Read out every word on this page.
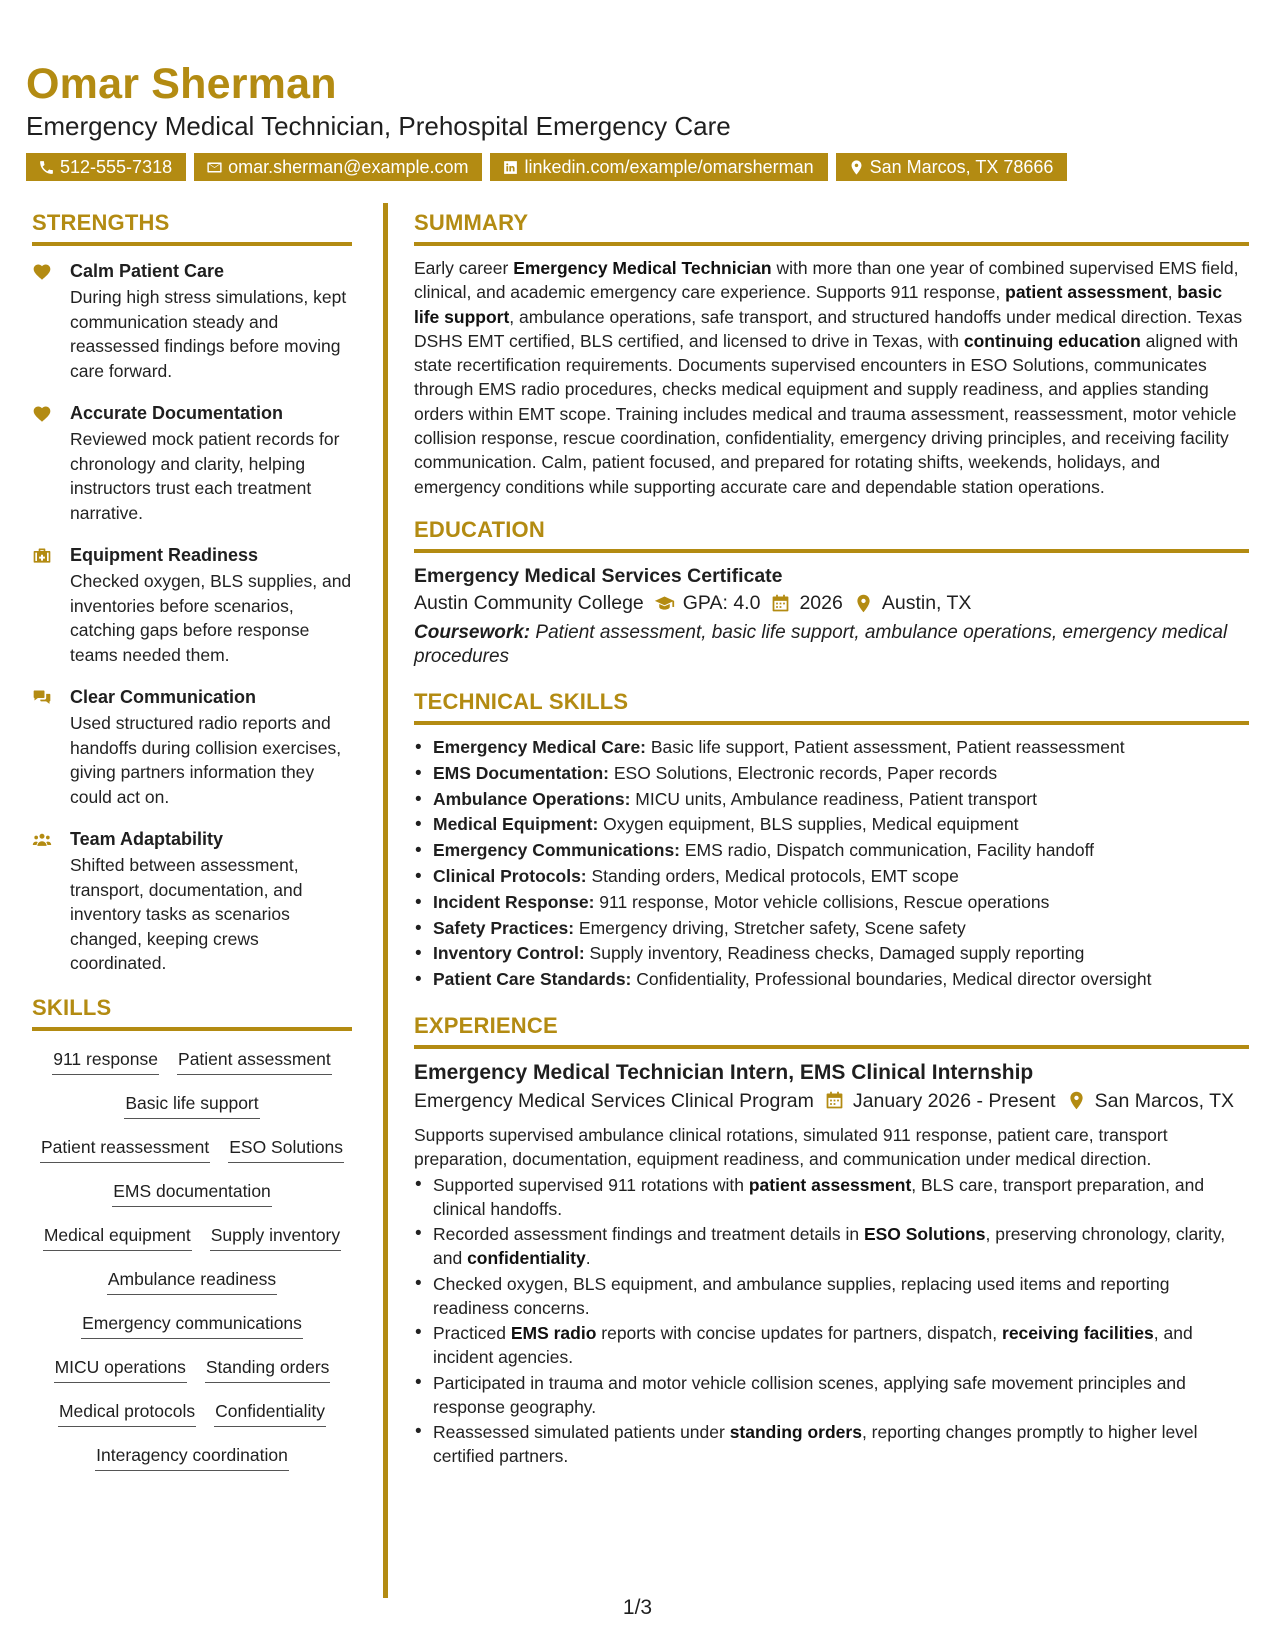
Omar Sherman

Emergency Medical Technician, Prehospital Emergency Care

512-555-7318	omar.sherman@example.com	linkedin.com/example/omarsherman	San Marcos, TX 78666
STRENGTHS

Calm Patient Care

During high stress simulations, kept communication steady and reassessed findings before moving care forward.

Accurate Documentation

Reviewed mock patient records for chronology and clarity, helping instructors trust each treatment narrative.

Equipment Readiness

Checked oxygen, BLS supplies, and inventories before scenarios, catching gaps before response teams needed them.

Clear Communication

Used structured radio reports and handoffs during collision exercises, giving partners information they could act on.

Team Adaptability

Shifted between assessment, transport, documentation, and inventory tasks as scenarios changed, keeping crews coordinated.

SKILLS
911 response Patient assessment
Basic life support
Patient reassessment ESO Solutions
EMS documentation
Medical equipment Supply inventory
Ambulance readiness
Emergency communications
MICU operations Standing orders
Medical protocols Confidentiality
Interagency coordination
SUMMARY

Early career Emergency Medical Technician with more than one year of combined supervised EMS field, clinical, and academic emergency care experience. Supports 911 response, patient assessment, basic life support, ambulance operations, safe transport, and structured handoffs under medical direction. Texas DSHS EMT certified, BLS certified, and licensed to drive in Texas, with continuing education aligned with state recertification requirements. Documents supervised encounters in ESO Solutions, communicates through EMS radio procedures, checks medical equipment and supply readiness, and applies standing orders within EMT scope. Training includes medical and trauma assessment, reassessment, motor vehicle collision response, rescue coordination, confidentiality, emergency driving principles, and receiving facility communication. Calm, patient focused, and prepared for rotating shifts, weekends, holidays, and emergency conditions while supporting accurate care and dependable station operations.

EDUCATION

Emergency Medical Services Certificate

Austin Community College GPA: 4.0 2026 Austin, TX

Coursework: Patient assessment, basic life support, ambulance operations, emergency medical procedures

TECHNICAL SKILLS
• Emergency Medical Care: Basic life support, Patient assessment, Patient reassessment
• EMS Documentation: ESO Solutions, Electronic records, Paper records
• Ambulance Operations: MICU units, Ambulance readiness, Patient transport
• Medical Equipment: Oxygen equipment, BLS supplies, Medical equipment
• Emergency Communications: EMS radio, Dispatch communication, Facility handoff
• Clinical Protocols: Standing orders, Medical protocols, EMT scope
• Incident Response: 911 response, Motor vehicle collisions, Rescue operations
• Safety Practices: Emergency driving, Stretcher safety, Scene safety
• Inventory Control: Supply inventory, Readiness checks, Damaged supply reporting
• Patient Care Standards: Confidentiality, Professional boundaries, Medical director oversight
EXPERIENCE

Emergency Medical Technician Intern, EMS Clinical Internship

Emergency Medical Services Clinical Program January 2026 - Present San Marcos, TX

Supports supervised ambulance clinical rotations, simulated 911 response, patient care, transport preparation, documentation, equipment readiness, and communication under medical direction.

• Supported supervised 911 rotations with patient assessment, BLS care, transport preparation, and clinical handoffs.
• Recorded assessment findings and treatment details in ESO Solutions, preserving chronology, clarity, and confidentiality.
• Checked oxygen, BLS equipment, and ambulance supplies, replacing used items and reporting readiness concerns.
• Practiced EMS radio reports with concise updates for partners, dispatch, receiving facilities, and incident agencies.
• Participated in trauma and motor vehicle collision scenes, applying safe movement principles and response geography.
• Reassessed simulated patients under standing orders, reporting changes promptly to higher level certified partners.
1/3
